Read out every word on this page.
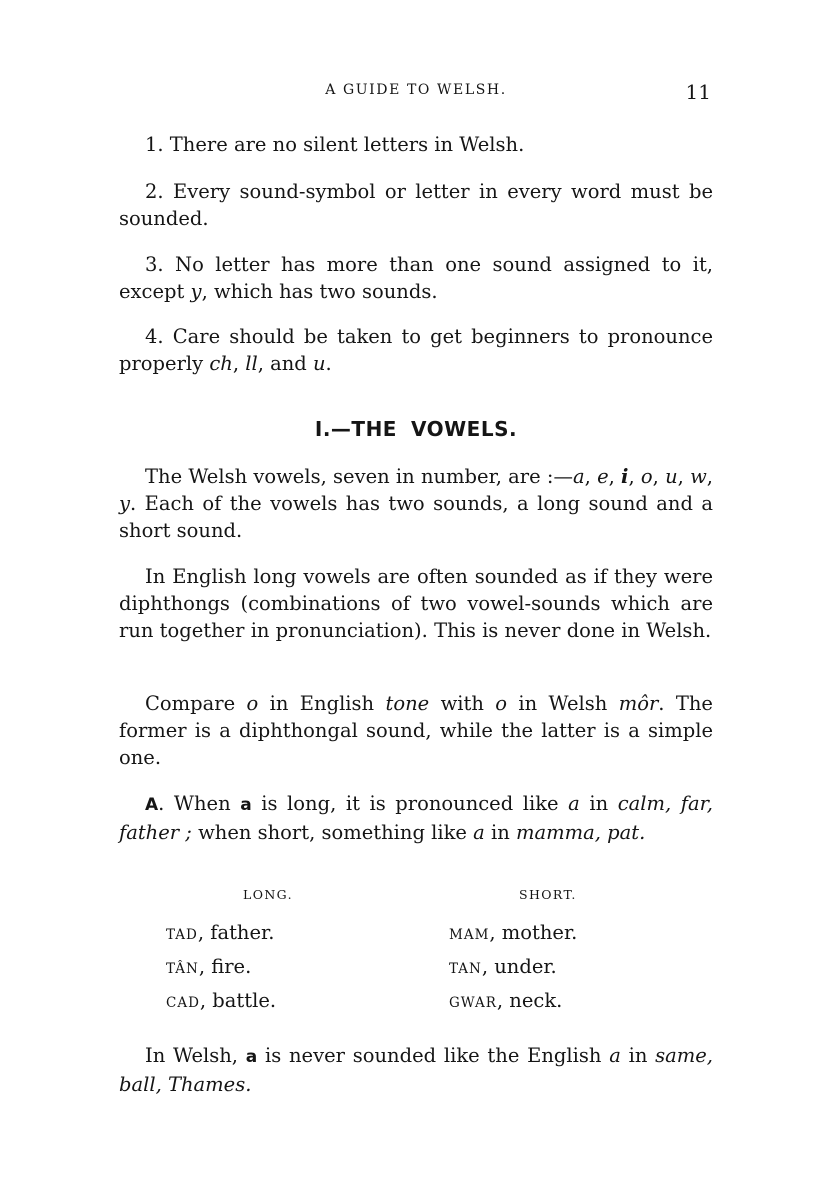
A GUIDE TO WELSH.	11

1. There are no silent letters in Welsh.

2. Every sound-symbol or letter in every word must be sounded.

3. No letter has more than one sound assigned to it, except y, which has two sounds.

4. Care should be taken to get beginners to pronounce properly ch, ll, and u.

I.—THE VOWELS.

The Welsh vowels, seven in number, are :—a, e, i, o, u, w, y. Each of the vowels has two sounds, a long sound and a short sound.

In English long vowels are often sounded as if they were diphthongs (combinations of two vowel-sounds which are run together in pronunciation). This is never done in Welsh.

Compare o in English tone with o in Welsh môr. The former is a diphthongal sound, while the latter is a simple one.

A. When a is long, it is pronounced like a in calm, far, father ; when short, something like a in mamma, pat.

LONG.	SHORT.
TAD, father.
TÂN, fire.
CAD, battle.
MAM, mother.
TAN, under.
GWAR, neck.

In Welsh, a is never sounded like the English a in same, ball, Thames.
